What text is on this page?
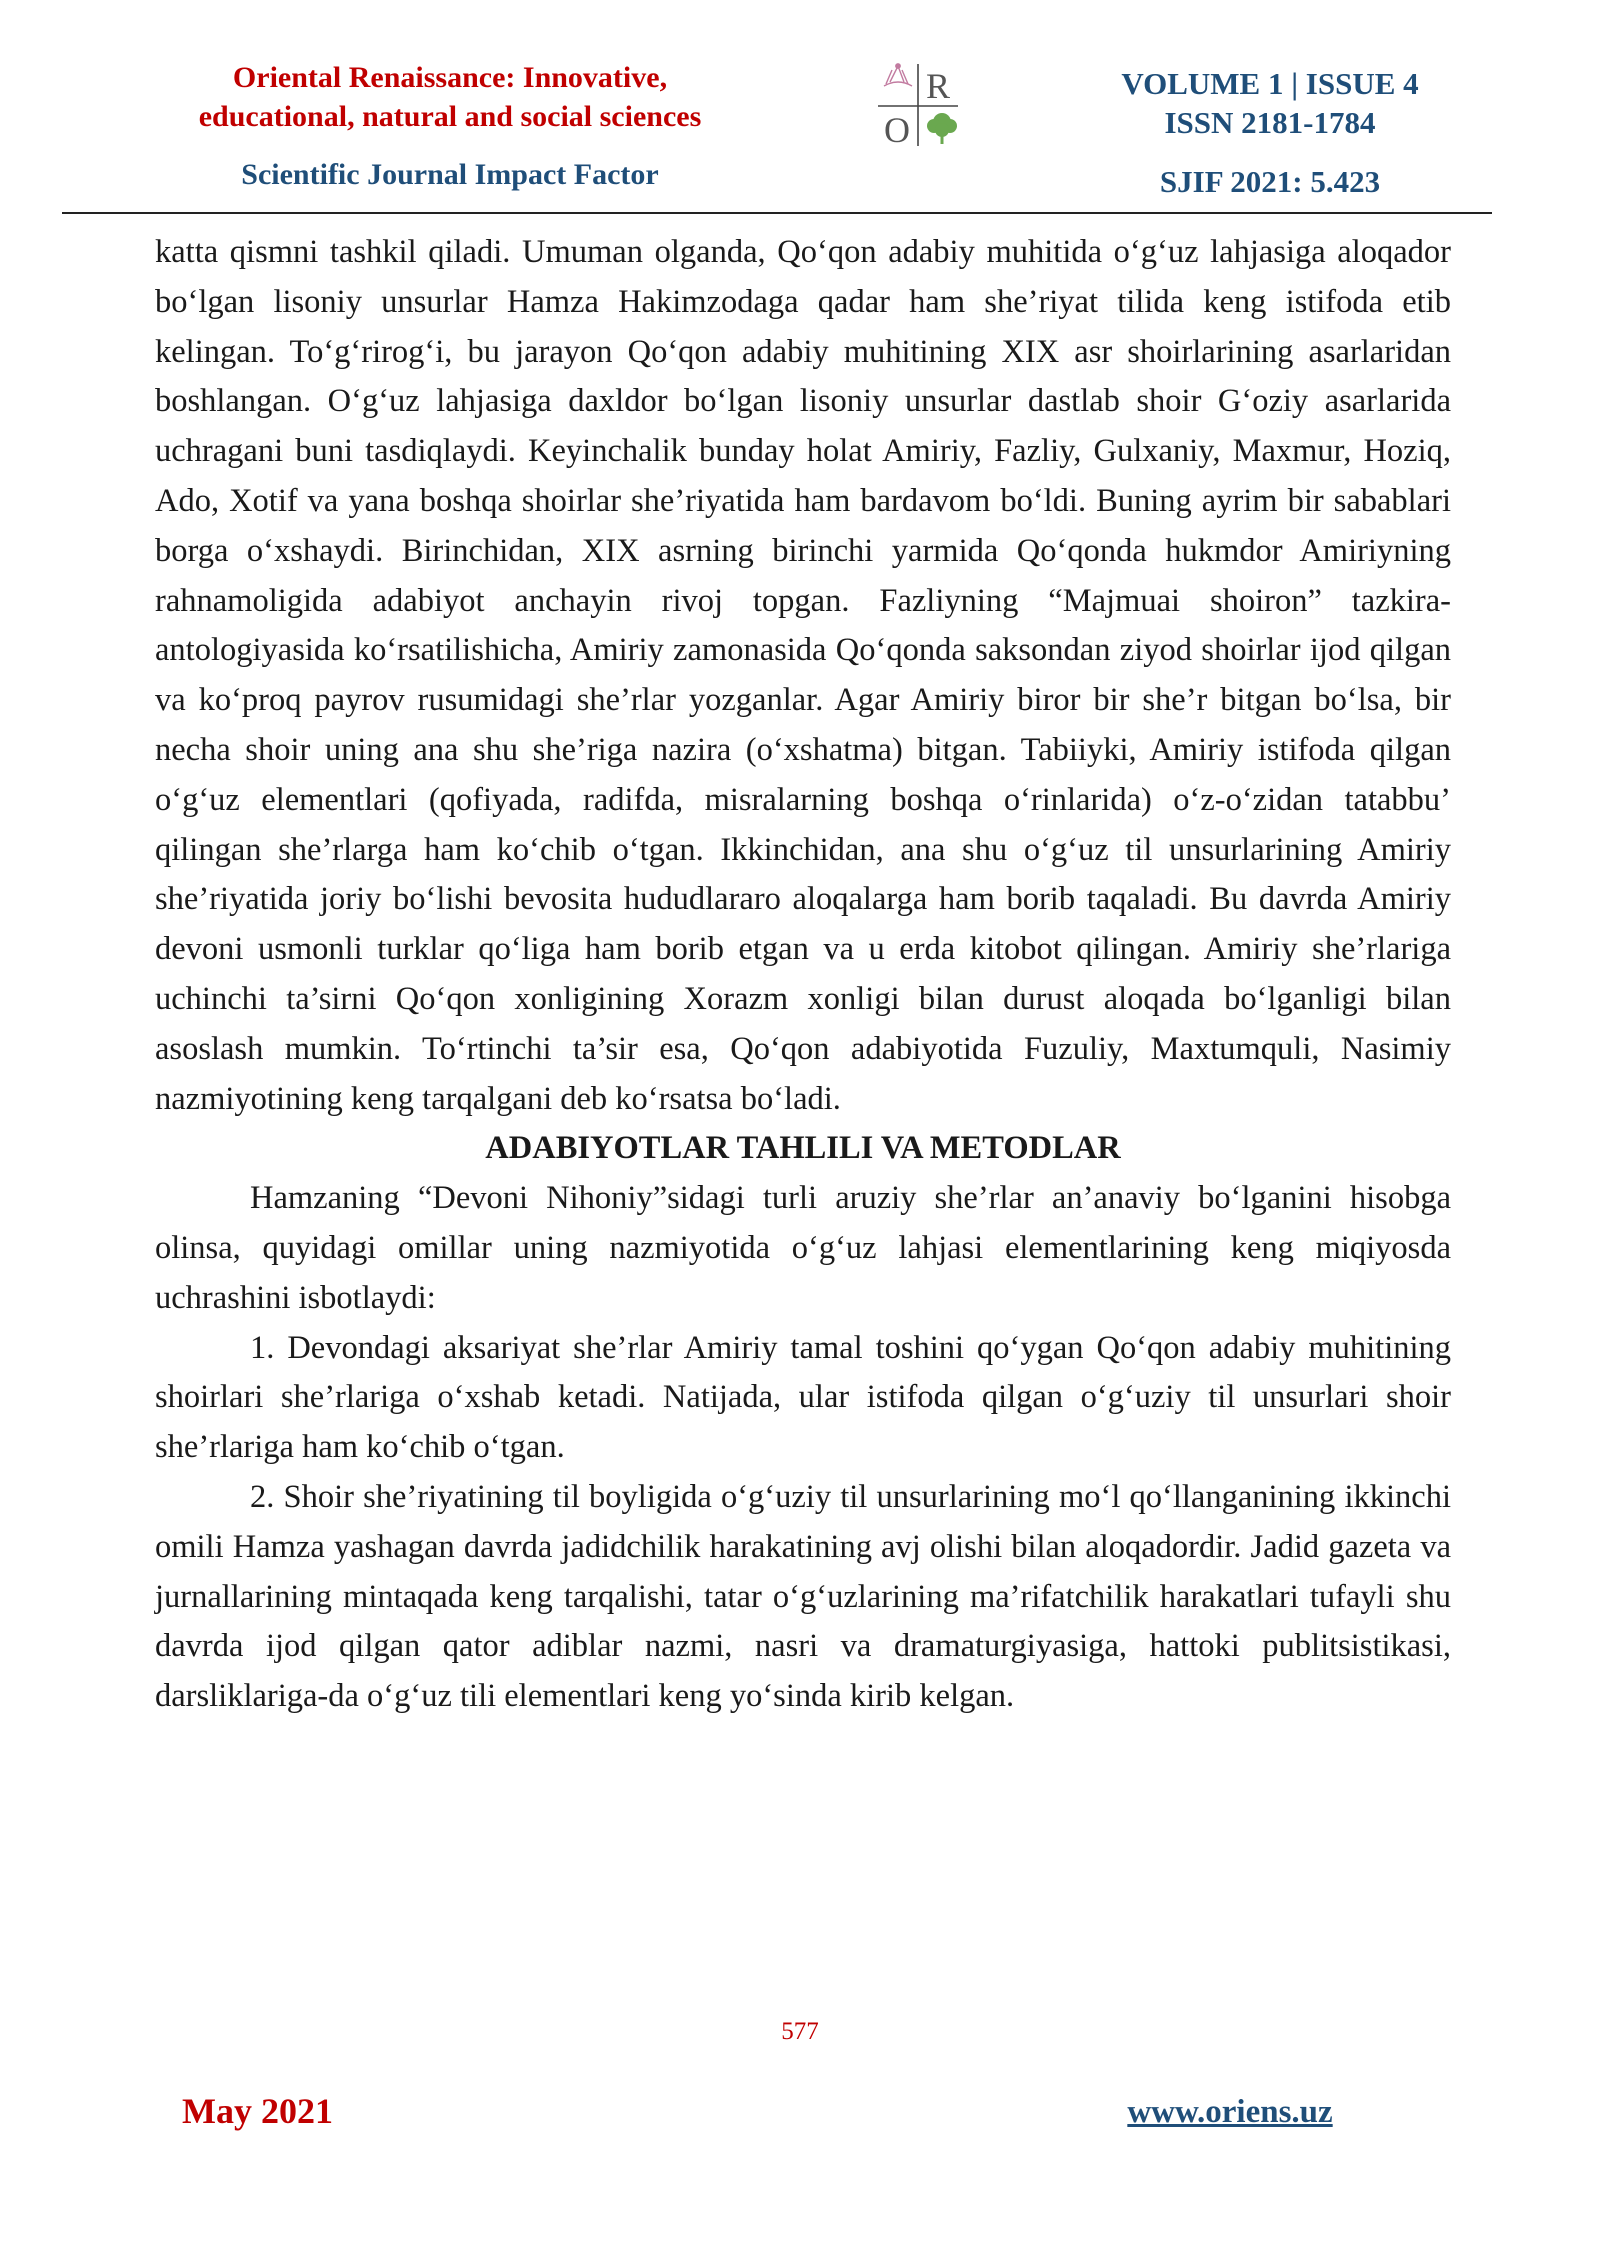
Oriental Renaissance: Innovative,
educational, natural and social sciences
Scientific Journal Impact Factor
R
O
VOLUME 1 | ISSUE 4
ISSN 2181-1784
SJIF 2021: 5.423

katta qismni tashkil qiladi. Umuman olganda, Qo‘qon adabiy muhitida o‘g‘uz lahjasiga aloqador bo‘lgan lisoniy unsurlar Hamza Hakimzodaga qadar ham she’riyat tilida keng istifoda etib kelingan. To‘g‘rirog‘i, bu jarayon Qo‘qon adabiy muhitining XIX asr shoirlarining asarlaridan boshlangan. O‘g‘uz lahjasiga daxldor bo‘lgan lisoniy unsurlar dastlab shoir G‘oziy asarlarida uchragani buni tasdiqlaydi. Keyinchalik bunday holat Amiriy, Fazliy, Gulxaniy, Maxmur, Hoziq, Ado, Xotif va yana boshqa shoirlar she’riyatida ham bardavom bo‘ldi. Buning ayrim bir sabablari borga o‘xshaydi. Birinchidan, XIX asrning birinchi yarmida Qo‘qonda hukmdor Amiriyning rahnamoligida adabiyot anchayin rivoj topgan. Fazliyning “Majmuai shoiron” tazkira-antologiyasida ko‘rsatilishicha, Amiriy zamonasida Qo‘qonda saksondan ziyod shoirlar ijod qilgan va ko‘proq payrov rusumidagi she’rlar yozganlar. Agar Amiriy biror bir she’r bitgan bo‘lsa, bir necha shoir uning ana shu she’riga nazira (o‘xshatma) bitgan. Tabiiyki, Amiriy istifoda qilgan o‘g‘uz elementlari (qofiyada, radifda, misralarning boshqa o‘rinlarida) o‘z-o‘zidan tatabbu’ qilingan she’rlarga ham ko‘chib o‘tgan. Ikkinchidan, ana shu o‘g‘uz til unsurlarining Amiriy she’riyatida joriy bo‘lishi bevosita hududlararo aloqalarga ham borib taqaladi. Bu davrda Amiriy devoni usmonli turklar qo‘liga ham borib etgan va u erda kitobot qilingan. Amiriy she’rlariga uchinchi ta’sirni Qo‘qon xonligining Xorazm xonligi bilan durust aloqada bo‘lganligi bilan asoslash mumkin. To‘rtinchi ta’sir esa, Qo‘qon adabiyotida Fuzuliy, Maxtumquli, Nasimiy nazmiyotining keng tarqalgani deb ko‘rsatsa bo‘ladi.

ADABIYOTLAR TAHLILI VA METODLAR

Hamzaning “Devoni Nihoniy”sidagi turli aruziy she’rlar an’anaviy bo‘lganini hisobga olinsa, quyidagi omillar uning nazmiyotida o‘g‘uz lahjasi elementlarining keng miqiyosda uchrashini isbotlaydi:

1. Devondagi aksariyat she’rlar Amiriy tamal toshini qo‘ygan Qo‘qon adabiy muhitining shoirlari she’rlariga o‘xshab ketadi. Natijada, ular istifoda qilgan o‘g‘uziy til unsurlari shoir she’rlariga ham ko‘chib o‘tgan.

2. Shoir she’riyatining til boyligida o‘g‘uziy til unsurlarining mo‘l qo‘llanganining ikkinchi omili Hamza yashagan davrda jadidchilik harakatining avj olishi bilan aloqadordir. Jadid gazeta va jurnallarining mintaqada keng tarqalishi, tatar o‘g‘uzlarining ma’rifatchilik harakatlari tufayli shu davrda ijod qilgan qator adiblar nazmi, nasri va dramaturgiyasiga, hattoki publitsistikasi, darsliklariga-da o‘g‘uz tili elementlari keng yo‘sinda kirib kelgan.

577
May 2021	www.oriens.uz
